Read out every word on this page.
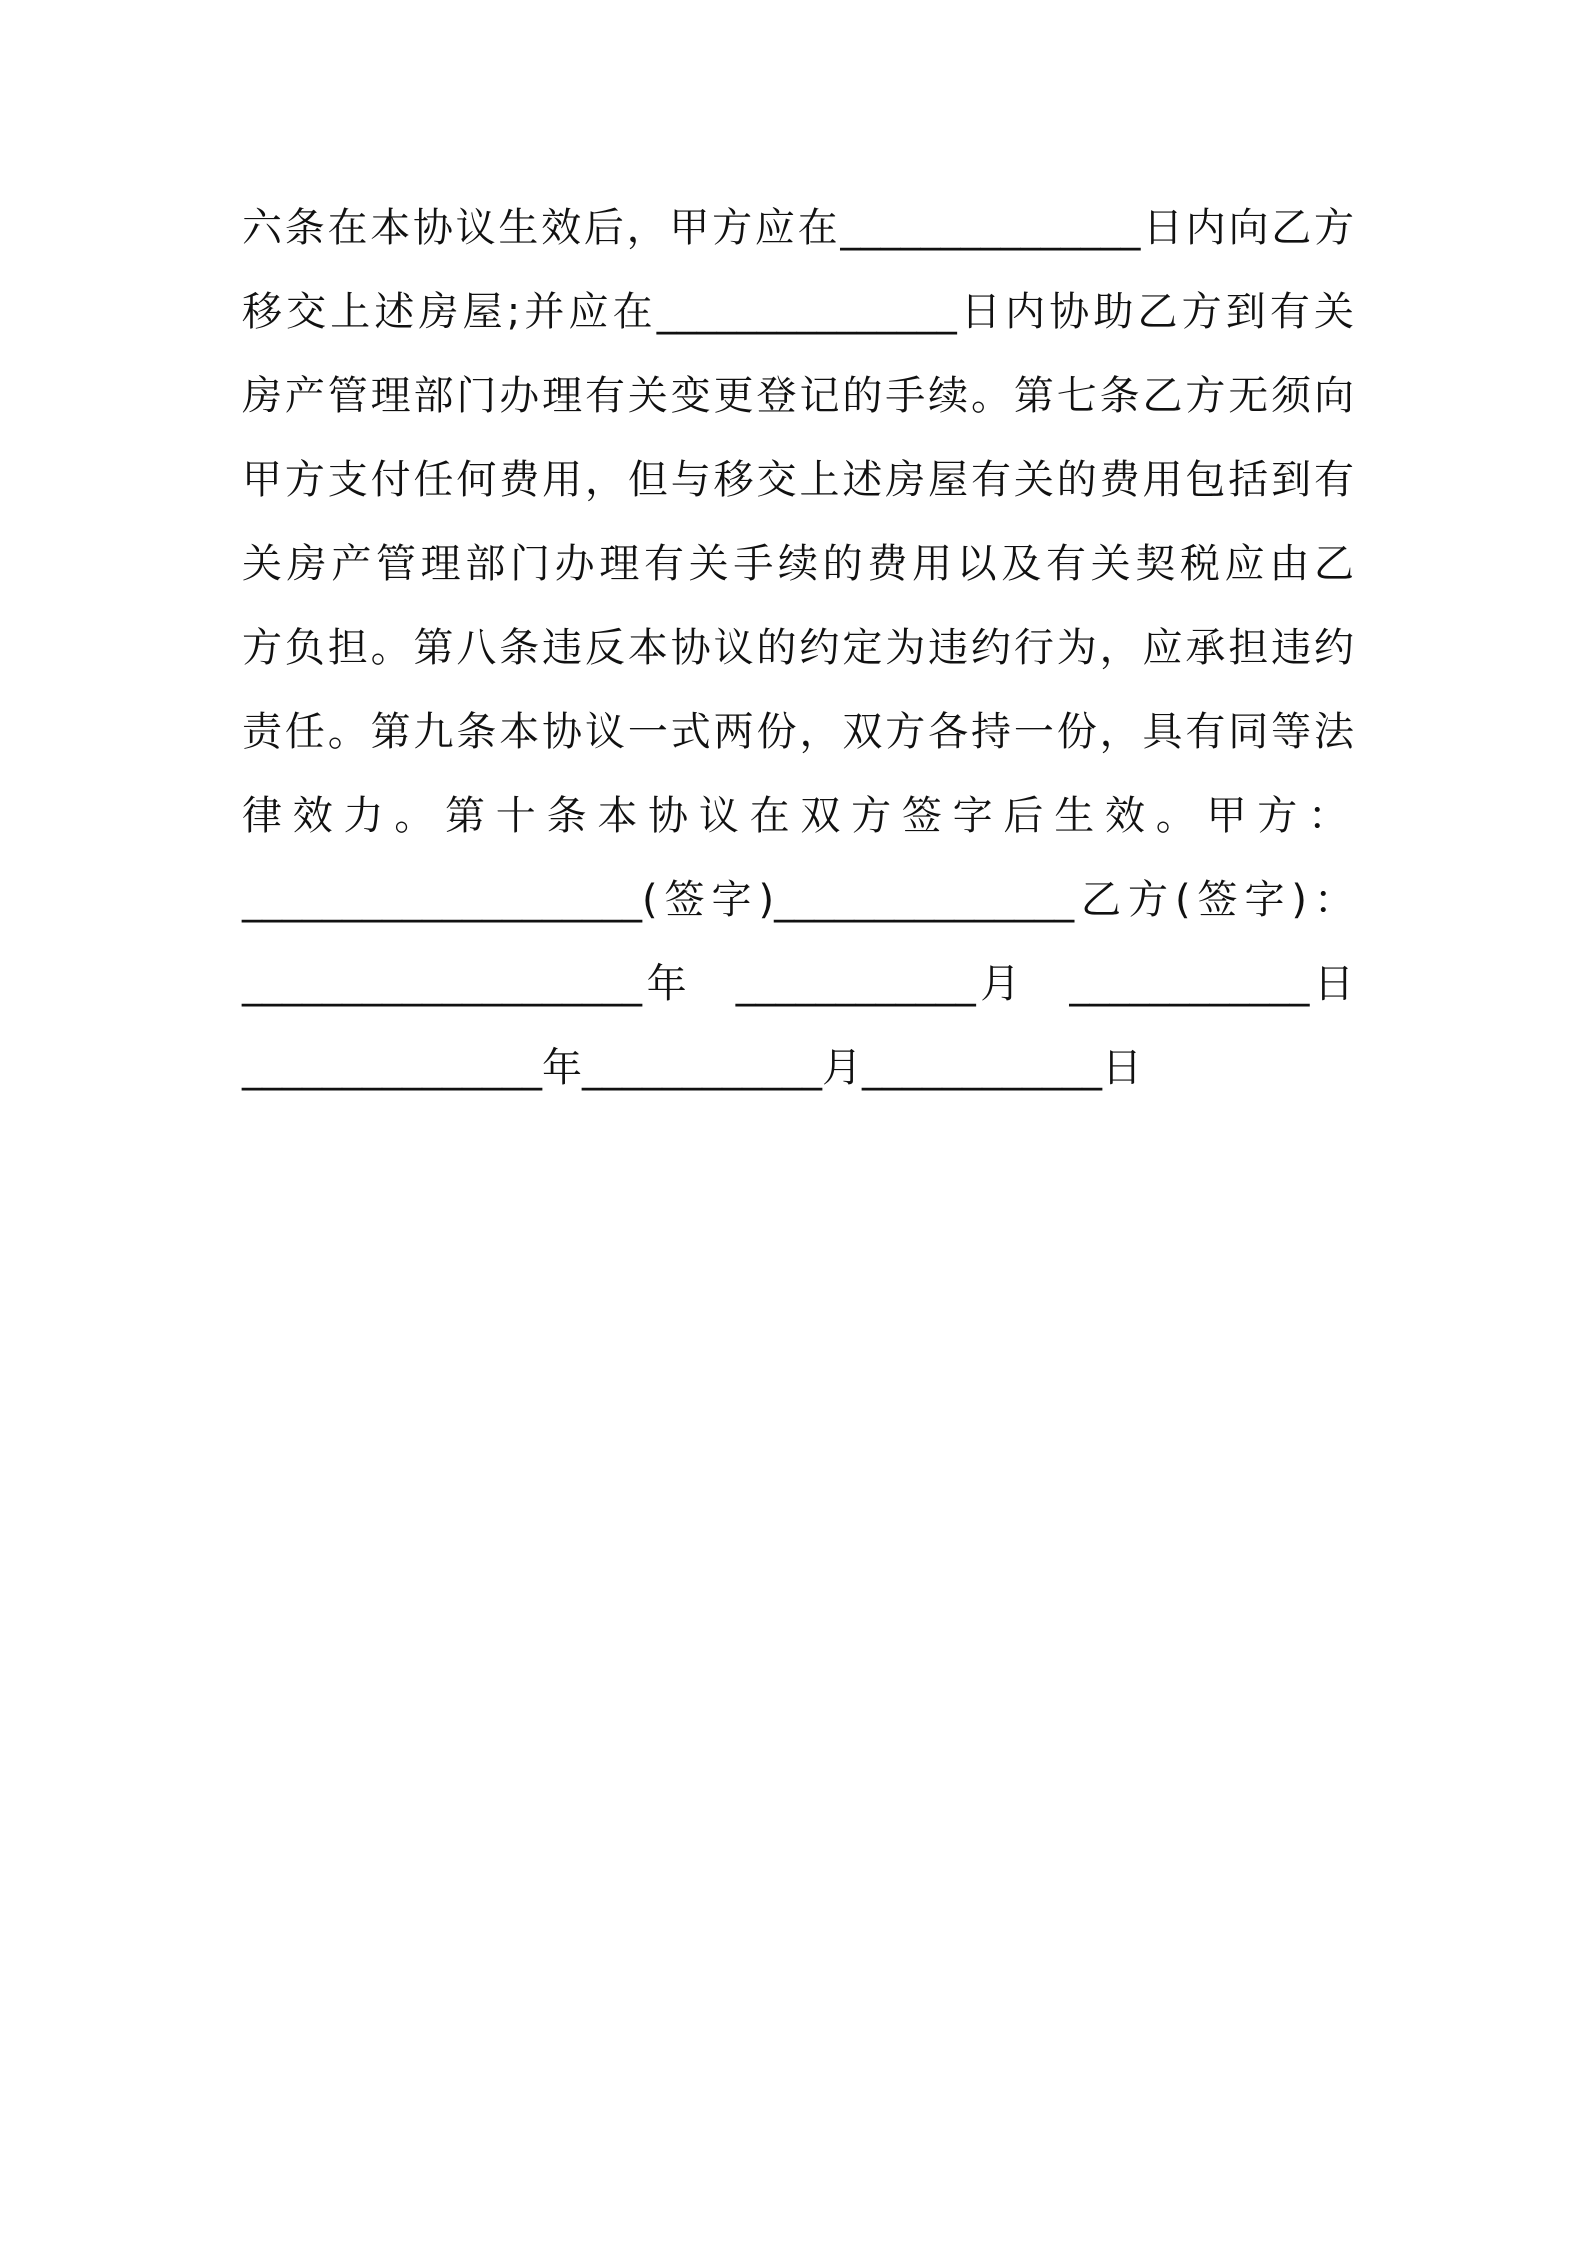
六条在本协议生效后，甲方应在_______________日内向乙方
移交上述房屋;并应在_______________日内协助乙方到有关
房产管理部门办理有关变更登记的手续。第七条乙方无须向
甲方支付任何费用，但与移交上述房屋有关的费用包括到有
关房产管理部门办理有关手续的费用以及有关契税应由乙
方负担。第八条违反本协议的约定为违约行为，应承担违约
责任。第九条本协议一式两份，双方各持一份，具有同等法
律效力。第十条本协议在双方签字后生效。甲方：
____________________(签字)_______________乙方(签字)：
____________________年　____________月　____________日
_______________年____________月____________日
